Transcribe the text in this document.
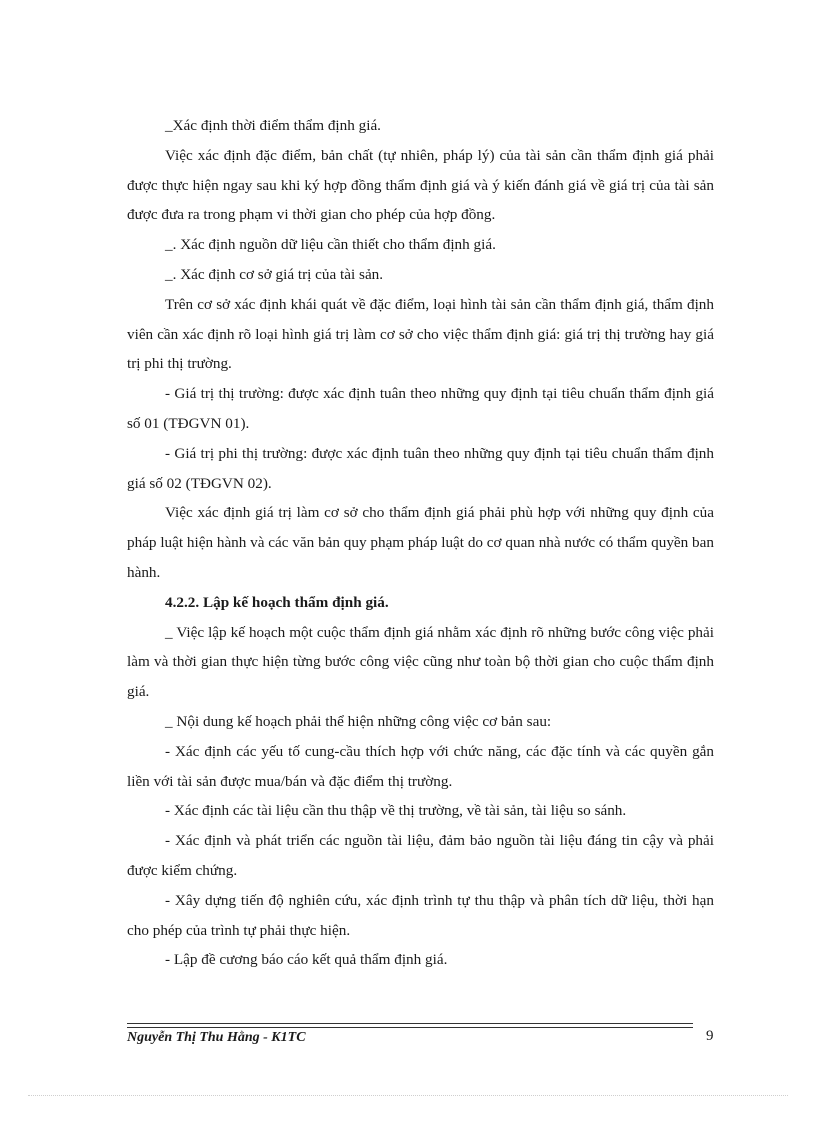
_Xác định thời điểm thẩm định giá.

Việc xác định đặc điểm, bản chất (tự nhiên, pháp lý) của tài sản cần thẩm định giá phải được thực hiện ngay sau khi ký hợp đồng thẩm định giá và ý kiến đánh giá về giá trị của tài sản được đưa ra trong phạm vi thời gian cho phép của hợp đồng.

_. Xác định nguồn dữ liệu cần thiết cho thẩm định giá.

_. Xác định cơ sở giá trị của tài sản.

Trên cơ sở xác định khái quát về đặc điểm, loại hình tài sản cần thẩm định giá, thẩm định viên cần xác định rõ loại hình giá trị làm cơ sở cho việc thẩm định giá: giá trị thị trường hay giá trị phi thị trường.

- Giá trị thị trường: được xác định tuân theo những quy định tại tiêu chuẩn thẩm định giá số 01 (TĐGVN 01).

- Giá trị phi thị trường: được xác định tuân theo những quy định tại tiêu chuẩn thẩm định giá số 02 (TĐGVN 02).

Việc xác định giá trị làm cơ sở cho thẩm định giá phải phù hợp với những quy định của pháp luật hiện hành và các văn bản quy phạm pháp luật do cơ quan nhà nước có thẩm quyền ban hành.

4.2.2. Lập kế hoạch thẩm định giá.

_ Việc lập kế hoạch một cuộc thẩm định giá nhằm xác định rõ những bước công việc phải làm và thời gian thực hiện từng bước công việc cũng như toàn bộ thời gian cho cuộc thẩm định giá.

_ Nội dung kế hoạch phải thể hiện những công việc cơ bản sau:

- Xác định các yếu tố cung-cầu thích hợp với chức năng, các đặc tính và các quyền gắn liền với tài sản được mua/bán và đặc điểm thị trường.

- Xác định các tài liệu cần thu thập về thị trường, về tài sản, tài liệu so sánh.

- Xác định và phát triển các nguồn tài liệu, đảm bảo nguồn tài liệu đáng tin cậy và phải được kiểm chứng.

- Xây dựng tiến độ nghiên cứu, xác định trình tự thu thập và phân tích dữ liệu, thời hạn cho phép của trình tự phải thực hiện.

- Lập đề cương báo cáo kết quả thẩm định giá.

Nguyễn Thị Thu Hằng - K1TC	9
